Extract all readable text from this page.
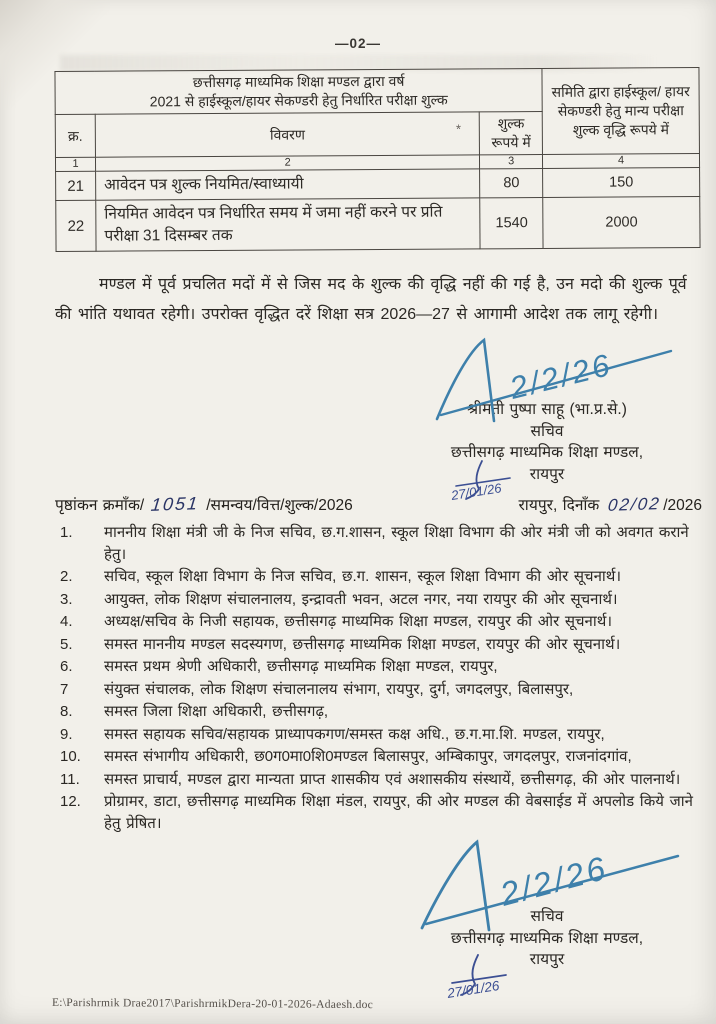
—02—
छत्तीसगढ़ माध्यमिक शिक्षा मण्डल द्वारा वर्ष
2021 से हाईस्कूल/हायर सेकण्डरी हेतु निर्धारित परीक्षा शुल्क			समिति द्वारा हाईस्कूल/ हायर सेकण्डरी हेतु मान्य परीक्षा शुल्क वृद्धि रूपये में
क्र.	विवरण *	शुल्क
रूपये में	
1	2	3	4
21	आवेदन पत्र शुल्क नियमित/स्वाध्यायी	80	150
22	नियमित आवेदन पत्र निर्धारित समय में जमा नहीं करने पर प्रति परीक्षा 31 दिसम्बर तक	1540	2000

मण्डल में पूर्व प्रचलित मदों में से जिस मद के शुल्क की वृद्धि नहीं की गई है, उन मदो की शुल्क पूर्व की भांति यथावत रहेगी। उपरोक्त वृद्धित दरें शिक्षा सत्र 2026—27 से आगामी आदेश तक लागू रहेगी।

2/2/26
श्रीमती पुष्पा साहू (भा.प्र.से.)
सचिव
छत्तीसगढ़ माध्यमिक शिक्षा मण्डल,
27/01/26
रायपुर
पृष्ठांकन क्रमाँक/ 1051 /समन्वय/वित्त/शुल्क/2026	रायपुर, दिनाँक 02/02 /2026
1.	माननीय शिक्षा मंत्री जी के निज सचिव, छ.ग.शासन, स्कूल शिक्षा विभाग की ओर मंत्री जी को अवगत कराने हेतु।
2.	सचिव, स्कूल शिक्षा विभाग के निज सचिव, छ.ग. शासन, स्कूल शिक्षा विभाग की ओर सूचनार्थ।
3.	आयुक्त, लोक शिक्षण संचालनालय, इन्द्रावती भवन, अटल नगर, नया रायपुर की ओर सूचनार्थ।
4.	अध्यक्ष/सचिव के निजी सहायक, छत्तीसगढ़ माध्यमिक शिक्षा मण्डल, रायपुर की ओर सूचनार्थ।
5.	समस्त माननीय मण्डल सदस्यगण, छत्तीसगढ़ माध्यमिक शिक्षा मण्डल, रायपुर की ओर सूचनार्थ।
6.	समस्त प्रथम श्रेणी अधिकारी, छत्तीसगढ़ माध्यमिक शिक्षा मण्डल, रायपुर,
7	संयुक्त संचालक, लोक शिक्षण संचालनालय संभाग, रायपुर, दुर्ग, जगदलपुर, बिलासपुर,
8.	समस्त जिला शिक्षा अधिकारी, छत्तीसगढ़,
9.	समस्त सहायक सचिव/सहायक प्राध्यापकगण/समस्त कक्ष अधि., छ.ग.मा.शि. मण्डल, रायपुर,
10.	समस्त संभागीय अधिकारी, छ0ग0मा0शि0मण्डल बिलासपुर, अम्बिकापुर, जगदलपुर, राजनांदगांव,
11.	समस्त प्राचार्य, मण्डल द्वारा मान्यता प्राप्त शासकीय एवं अशासकीय संस्थायें, छत्तीसगढ़, की ओर पालनार्थ।
12.	प्रोग्रामर, डाटा, छत्तीसगढ़ माध्यमिक शिक्षा मंडल, रायपुर, की ओर मण्डल की वेबसाईड में अपलोड किये जाने हेतु प्रेषित।
2/2/26
सचिव
छत्तीसगढ़ माध्यमिक शिक्षा मण्डल,
27/01/26
रायपुर
E:\Parishrmik Drae2017\ParishrmikDera-20-01-2026-Adaesh.doc
